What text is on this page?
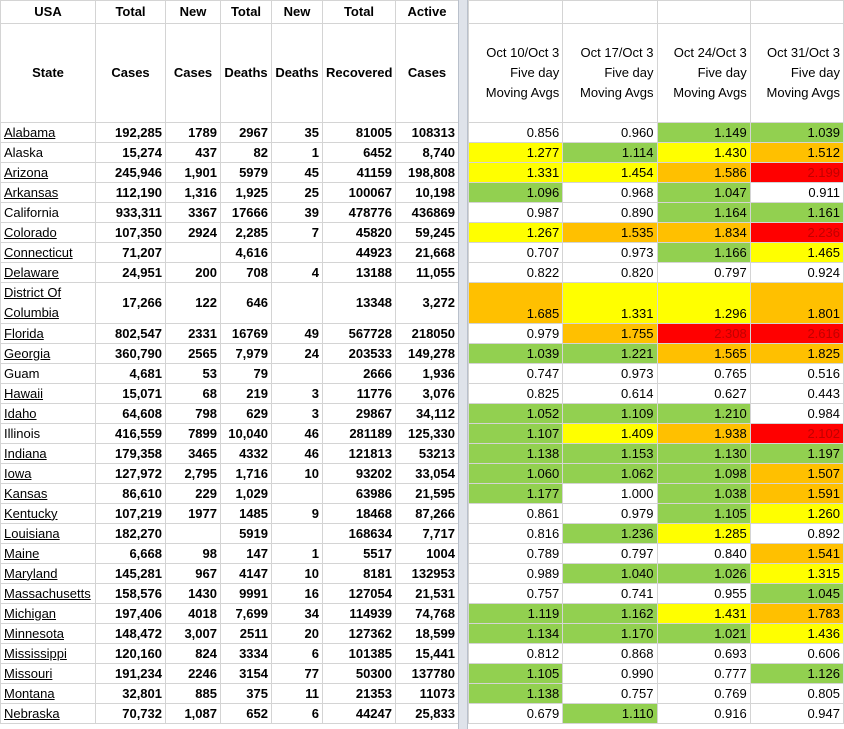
USA	Total	New	Total	New	Total	Active
State	Cases	Cases	Deaths	Deaths	Recovered	Cases
Alabama	192,285	1789	2967	35	81005	108313
Alaska	15,274	437	82	1	6452	8,740
Arizona	245,946	1,901	5979	45	41159	198,808
Arkansas	112,190	1,316	1,925	25	100067	10,198
California	933,311	3367	17666	39	478776	436869
Colorado	107,350	2924	2,285	7	45820	59,245
Connecticut	71,207		4,616		44923	21,668
Delaware	24,951	200	708	4	13188	11,055
District Of Columbia	17,266	122	646		13348	3,272
Florida	802,547	2331	16769	49	567728	218050
Georgia	360,790	2565	7,979	24	203533	149,278
Guam	4,681	53	79		2666	1,936
Hawaii	15,071	68	219	3	11776	3,076
Idaho	64,608	798	629	3	29867	34,112
Illinois	416,559	7899	10,040	46	281189	125,330
Indiana	179,358	3465	4332	46	121813	53213
Iowa	127,972	2,795	1,716	10	93202	33,054
Kansas	86,610	229	1,029		63986	21,595
Kentucky	107,219	1977	1485	9	18468	87,266
Louisiana	182,270		5919		168634	7,717
Maine	6,668	98	147	1	5517	1004
Maryland	145,281	967	4147	10	8181	132953
Massachusetts	158,576	1430	9991	16	127054	21,531
Michigan	197,406	4018	7,699	34	114939	74,768
Minnesota	148,472	3,007	2511	20	127362	18,599
Mississippi	120,160	824	3334	6	101385	15,441
Missouri	191,234	2246	3154	77	50300	137780
Montana	32,801	885	375	11	21353	11073
Nebraska	70,732	1,087	652	6	44247	25,833

Oct 10/Oct 3
Five day
Moving Avgs

Oct 17/Oct 3
Five day
Moving Avgs

Oct 24/Oct 3
Five day
Moving Avgs

Oct 31/Oct 3
Five day
Moving Avgs

0.856	0.960	1.149	1.039
1.277	1.114	1.430	1.512
1.331	1.454	1.586	2.199
1.096	0.968	1.047	0.911
0.987	0.890	1.164	1.161
1.267	1.535	1.834	2.236
0.707	0.973	1.166	1.465
0.822	0.820	0.797	0.924
1.685	1.331	1.296	1.801
0.979	1.755	2.308	2.616
1.039	1.221	1.565	1.825
0.747	0.973	0.765	0.516
0.825	0.614	0.627	0.443
1.052	1.109	1.210	0.984
1.107	1.409	1.938	2.102
1.138	1.153	1.130	1.197
1.060	1.062	1.098	1.507
1.177	1.000	1.038	1.591
0.861	0.979	1.105	1.260
0.816	1.236	1.285	0.892
0.789	0.797	0.840	1.541
0.989	1.040	1.026	1.315
0.757	0.741	0.955	1.045
1.119	1.162	1.431	1.783
1.134	1.170	1.021	1.436
0.812	0.868	0.693	0.606
1.105	0.990	0.777	1.126
1.138	0.757	0.769	0.805
0.679	1.110	0.916	0.947
